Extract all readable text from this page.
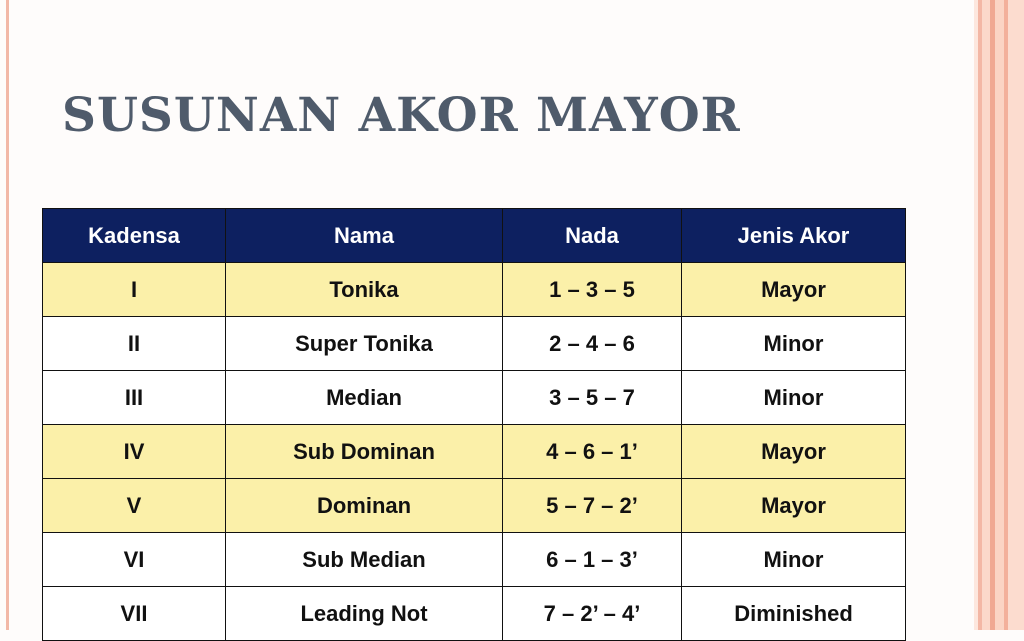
SUSUNAN AKOR MAYOR
Kadensa	Nama	Nada	Jenis Akor
I	Tonika	1 – 3 – 5	Mayor
II	Super Tonika	2 – 4 – 6	Minor
III	Median	3 – 5 – 7	Minor
IV	Sub Dominan	4 – 6 – 1’	Mayor
V	Dominan	5 – 7 – 2’	Mayor
VI	Sub Median	6 – 1 – 3’	Minor
VII	Leading Not	7 – 2’ – 4’	Diminished
